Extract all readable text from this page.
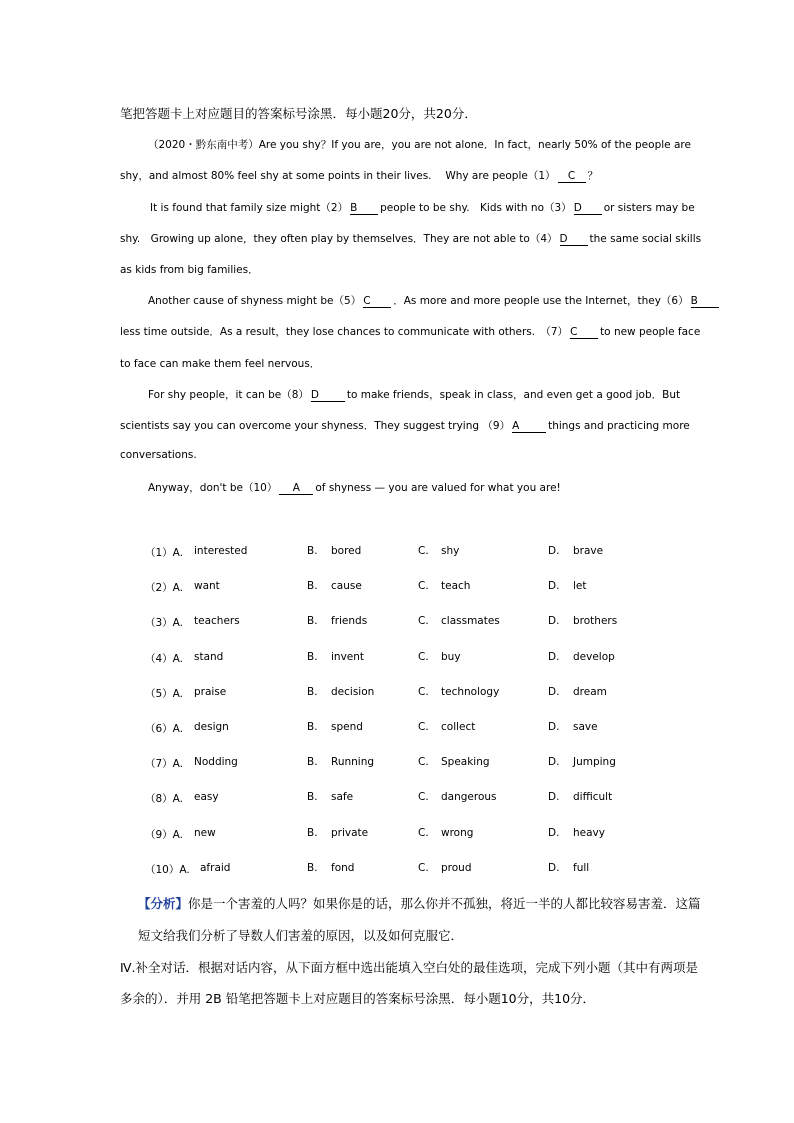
笔把答题卡上对应题目的答案标号涂黑．每小题20分，共20分．
（2020・黔东南中考）Are you shy？If you are，you are not alone．In fact，nearly 50% of the people are
shy，and almost 80% feel shy at some points in their lives.　 Why are people（1） C ？
It is found that family size might（2） B people to be shy.　Kids with no（3） D or sisters may be
shy.　Growing up alone，they often play by themselves．They are not able to（4） D the same social skills
as kids from big families．
Another cause of shyness might be（5） C ．As more and more people use the Internet，they（6） B
less time outside．As a result，they lose chances to communicate with others.　（7） C to new people face
to face can make them feel nervous．
For shy people，it can be（8） D	to make friends，speak in class，and even get a good job．But
scientists say you can overcome your shyness．They suggest trying （9） A	things and practicing more
conversations.
Anyway，don't be（10） A of shyness — you are valued for what you are!
（1）A. interested	B. bored	C. shy	D. brave
（2）A. want	B. cause	C. teach	D. let
（3）A. teachers	B. friends	C. classmates	D. brothers
（4）A. stand	B. invent	C. buy	D. develop
（5）A. praise	B. decision	C. technology	D. dream
（6）A. design	B. spend	C. collect	D. save
（7）A. Nodding	B. Running	C. Speaking	D. Jumping
（8）A. easy	B. safe	C. dangerous	D. difficult
（9）A. new	B. private	C. wrong	D. heavy
（10）A. afraid	B. fond	C. proud	D. full
【分析】你是一个害羞的人吗？如果你是的话，那么你并不孤独，将近一半的人都比较容易害羞．这篇
短文给我们分析了导数人们害羞的原因，以及如何克服它．
Ⅳ.补全对话．根据对话内容，从下面方框中选出能填入空白处的最佳选项，完成下列小题（其中有两项是
多余的）．并用 2B 铅笔把答题卡上对应题目的答案标号涂黑．每小题10分，共10分．
